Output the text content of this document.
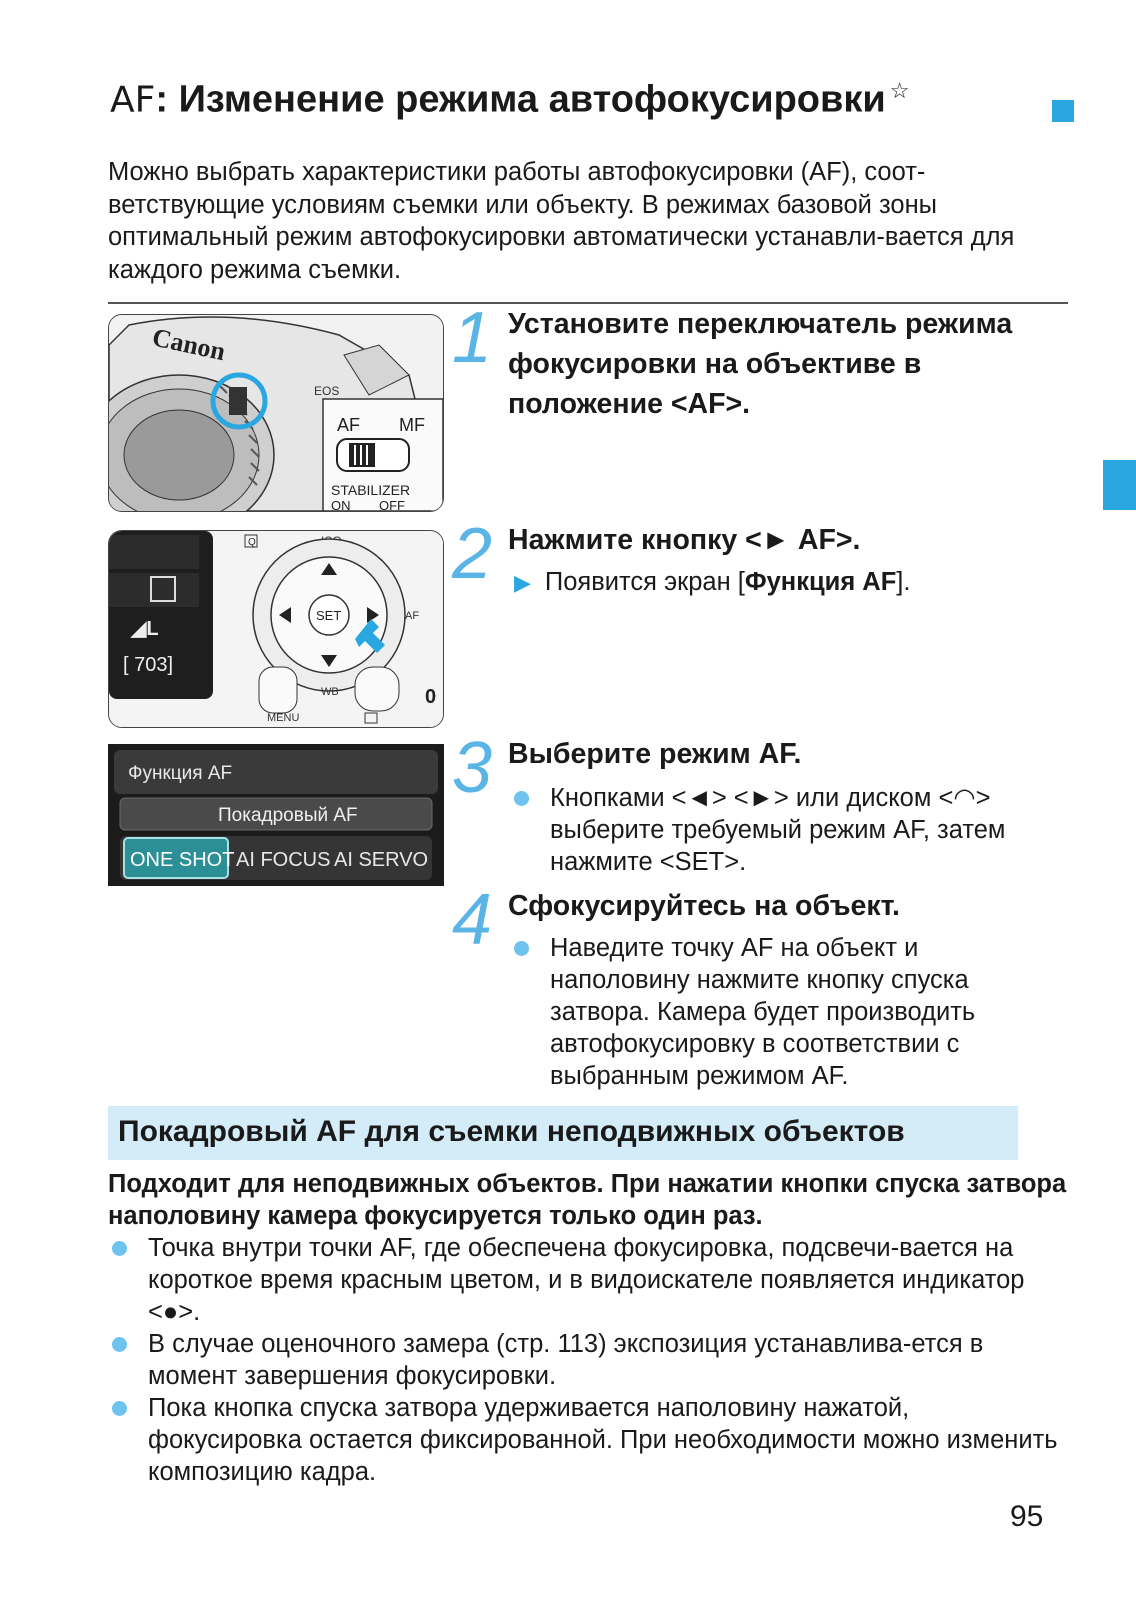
AF: Изменение режима автофокусировки ☆
Можно выбрать характеристики работы автофокусировки (AF), соот-ветствующие условиям съемки или объекту. В режимах базовой зоны оптимальный режим автофокусировки автоматически устанавли-вается для каждого режима съемки.
Canon
EOS
AF MF
STABILIZER
ON OFF
◢L
[ 703]
Q
SET	AF
MENU
WB	0
Функция AF
Покадровый AF
ONE SHOT AI FOCUS AI SERVO
1 Установите переключатель режима фокусировки на объективе в положение <AF>.
2 Нажмите кнопку <► AF>.
▶ Появится экран [Функция AF].
3 Выберите режим AF.
Кнопками <◄> <►> или диском <◠> выберите требуемый режим AF, затем нажмите <SET>.
4 Сфокусируйтесь на объект.
Наведите точку AF на объект и наполовину нажмите кнопку спуска затвора. Камера будет производить автофокусировку в соответствии с выбранным режимом AF.
Покадровый AF для съемки неподвижных объектов
Подходит для неподвижных объектов. При нажатии кнопки спуска затвора наполовину камера фокусируется только один раз.
Точка внутри точки AF, где обеспечена фокусировка, подсвечи-вается на короткое время красным цветом, и в видоискателе появляется индикатор <●>.
В случае оценочного замера (стр. 113) экспозиция устанавлива-ется в момент завершения фокусировки.
Пока кнопка спуска затвора удерживается наполовину нажатой, фокусировка остается фиксированной. При необходимости можно изменить композицию кадра.
95
